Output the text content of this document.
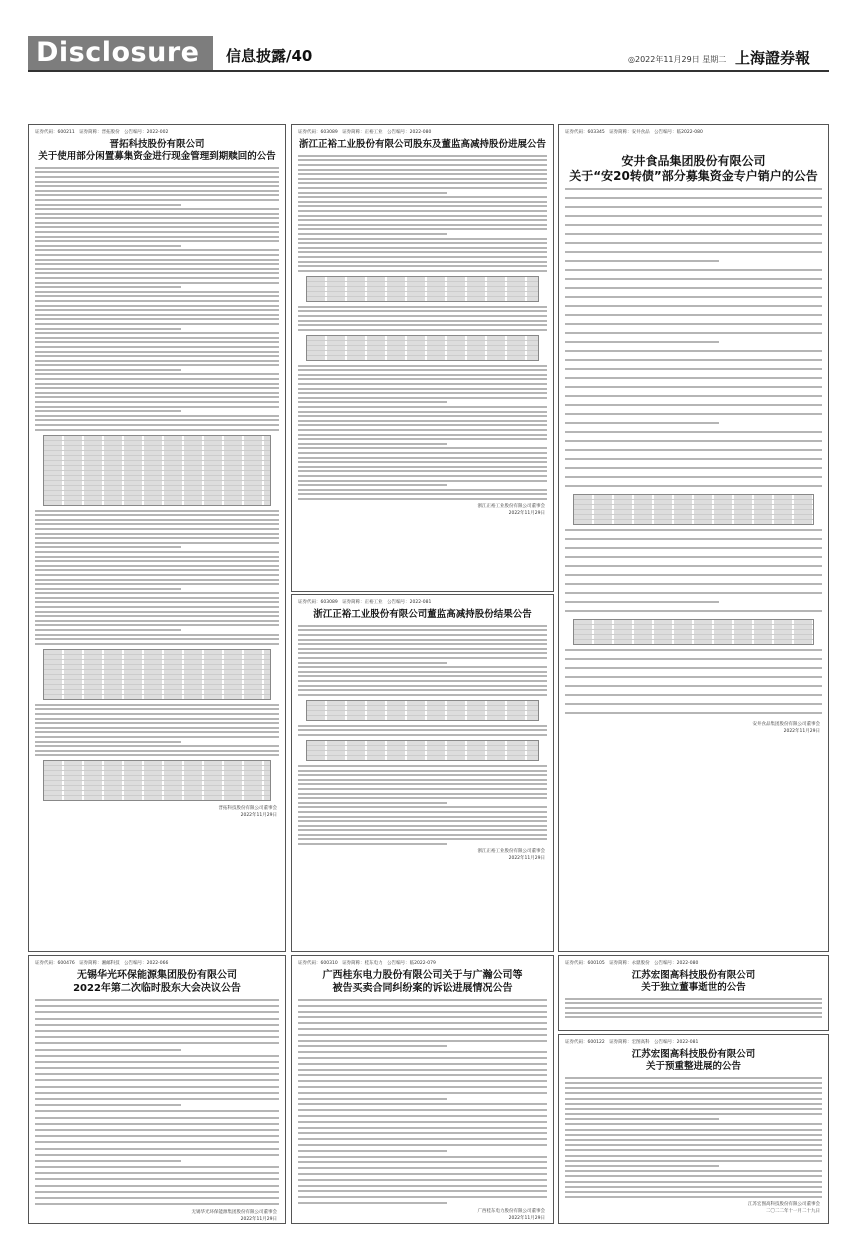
Disclosure	信息披露/40	◎2022年11月29日 星期二 上海證券報
证券代码：600211　证券简称：晋拓股份　公告编号：2022-002
晋拓科技股份有限公司
关于使用部分闲置募集资金进行现金管理到期赎回的公告
晋拓科技股份有限公司董事会
2022年11月29日
证券代码：603089　证券简称：正裕工业　公告编号：2022-080
浙江正裕工业股份有限公司股东及董监高减持股份进展公告
浙江正裕工业股份有限公司董事会
2022年11月29日
证券代码：603089　证券简称：正裕工业　公告编号：2022-081
浙江正裕工业股份有限公司董监高减持股份结果公告
浙江正裕工业股份有限公司董事会
2022年11月29日
证券代码：603345　证券简称：安井食品　公告编号：临2022-080
安井食品集团股份有限公司
关于“安20转债”部分募集资金专户销户的公告
安井食品集团股份有限公司董事会
2022年11月29日
证券代码：600476　证券简称：湘邮科技　公告编号：2022-066
无锡华光环保能源集团股份有限公司
2022年第二次临时股东大会决议公告
无锡华光环保能源集团股份有限公司董事会
2022年11月29日
证券代码：600310　证券简称：桂东电力　公告编号：临2022-079
广西桂东电力股份有限公司关于与广瀚公司等
被告买卖合同纠纷案的诉讼进展情况公告
广西桂东电力股份有限公司董事会
2022年11月29日
证券代码：600105　证券简称：永鼎股份　公告编号：2022-080
江苏宏图高科技股份有限公司
关于独立董事逝世的公告
证券代码：600122　证券简称：宏图高科　公告编号：2022-081
江苏宏图高科技股份有限公司
关于预重整进展的公告
江苏宏图高科技股份有限公司董事会
二〇二二年十一月二十九日
